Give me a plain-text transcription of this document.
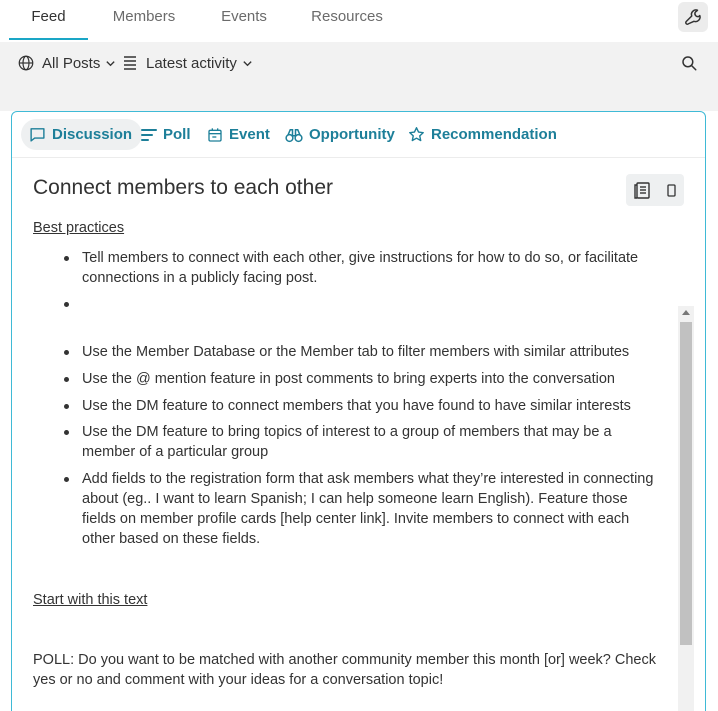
Feed	Members	Events	Resources
All Posts	Latest activity
Discussion Poll	Event	Opportunity Recommendation
Connect members to each other
Best practices
Tell members to connect with each other, give instructions for how to do so, or facilitate connections in a publicly facing post.
Use the Member Database or the Member tab to filter members with similar attributes
Use the @ mention feature in post comments to bring experts into the conversation
Use the DM feature to connect members that you have found to have similar interests
Use the DM feature to bring topics of interest to a group of members that may be a member of a particular group
Add fields to the registration form that ask members what they’re interested in connecting about (eg.. I want to learn Spanish; I can help someone learn English). Feature those fields on member profile cards [help center link]. Invite members to connect with each other based on these fields.
Start with this text
POLL: Do you want to be matched with another community member this month [or] week? Check yes or no and comment with your ideas for a conversation topic!
